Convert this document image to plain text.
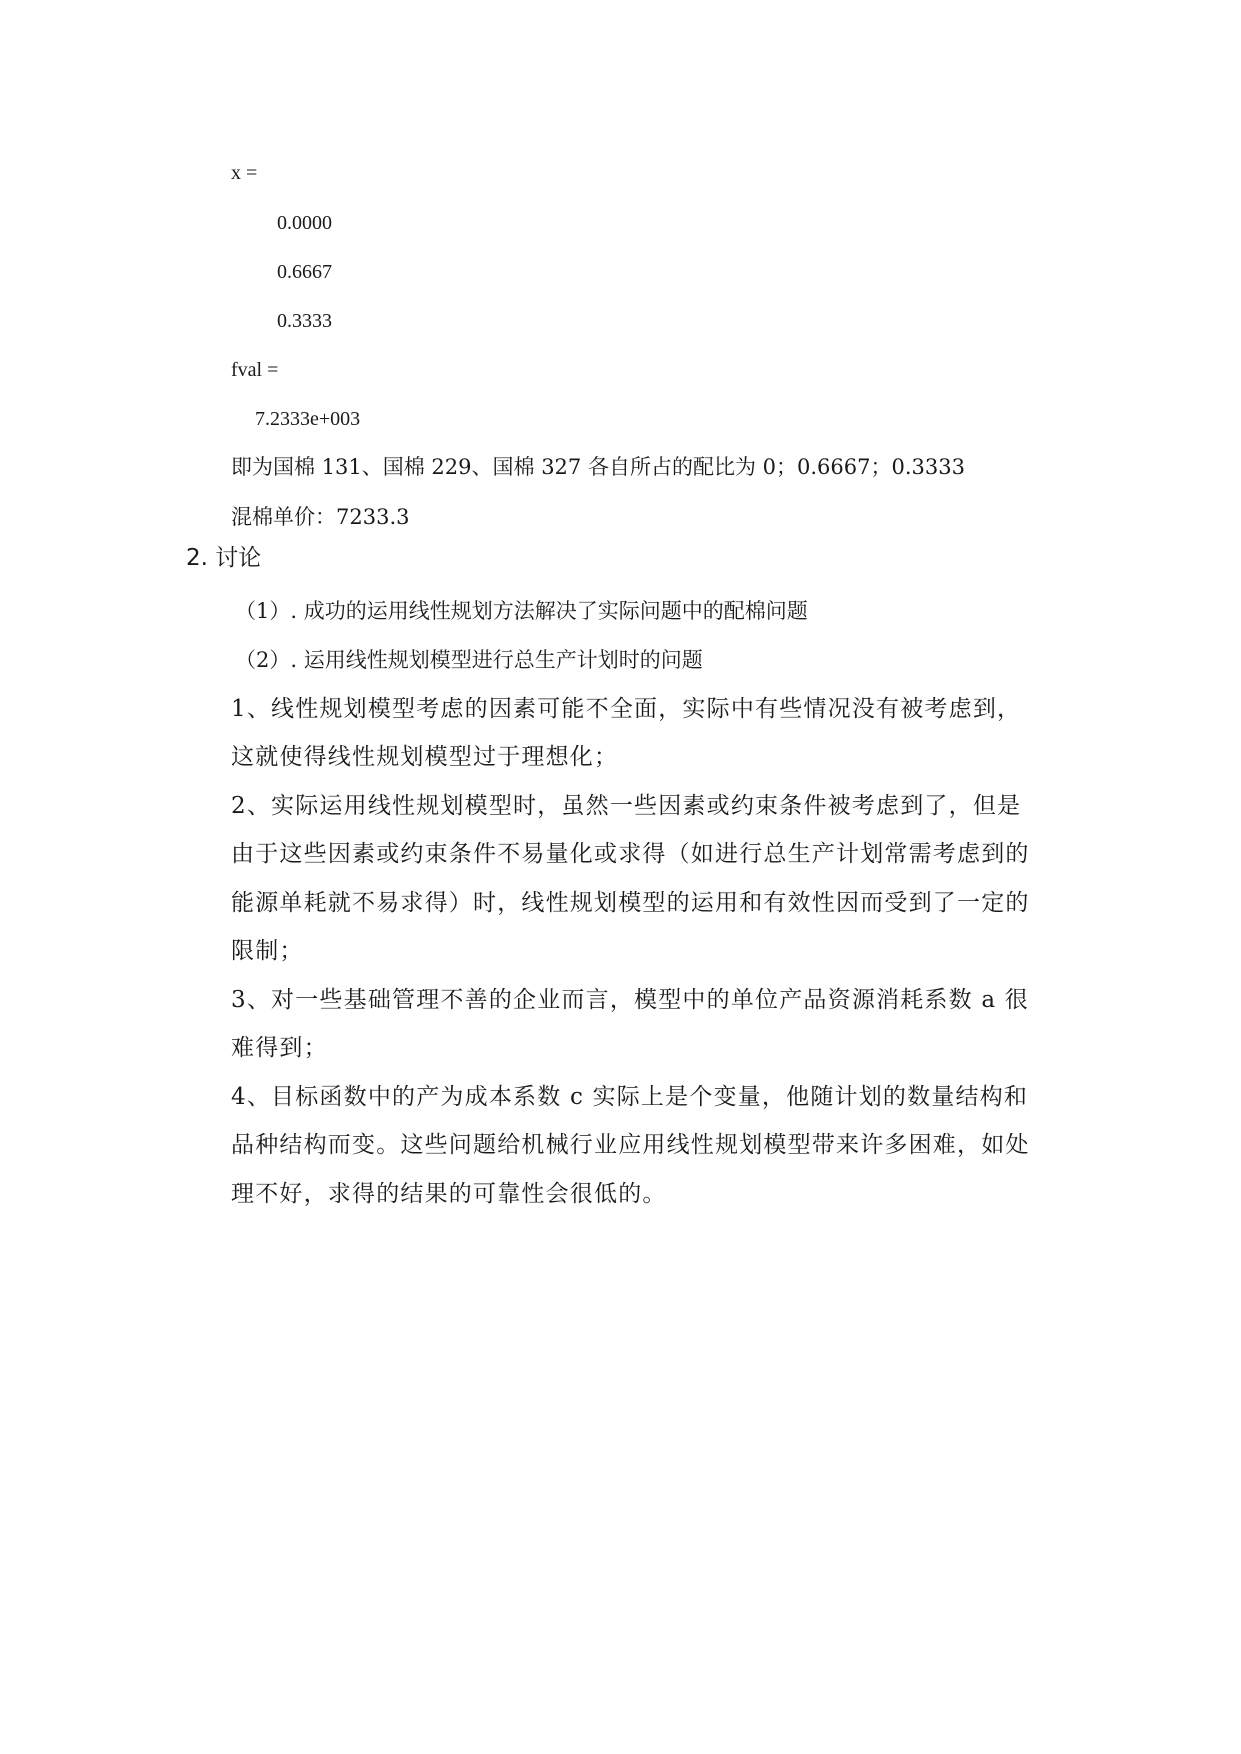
x =

0.0000

0.6667

0.3333

fval =

7.2333e+003

即为国棉 131、国棉 229、国棉 327 各自所占的配比为 0；0.6667；0.3333

混棉单价：7233.3

2. 讨论

（1）. 成功的运用线性规划方法解决了实际问题中的配棉问题

（2）. 运用线性规划模型进行总生产计划时的问题

1、线性规划模型考虑的因素可能不全面，实际中有些情况没有被考虑到，

这就使得线性规划模型过于理想化；

2、实际运用线性规划模型时，虽然一些因素或约束条件被考虑到了，但是

由于这些因素或约束条件不易量化或求得（如进行总生产计划常需考虑到的

能源单耗就不易求得）时，线性规划模型的运用和有效性因而受到了一定的

限制；

3、对一些基础管理不善的企业而言，模型中的单位产品资源消耗系数 a 很

难得到；

4、目标函数中的产为成本系数 c 实际上是个变量，他随计划的数量结构和

品种结构而变。这些问题给机械行业应用线性规划模型带来许多困难，如处

理不好，求得的结果的可靠性会很低的。
